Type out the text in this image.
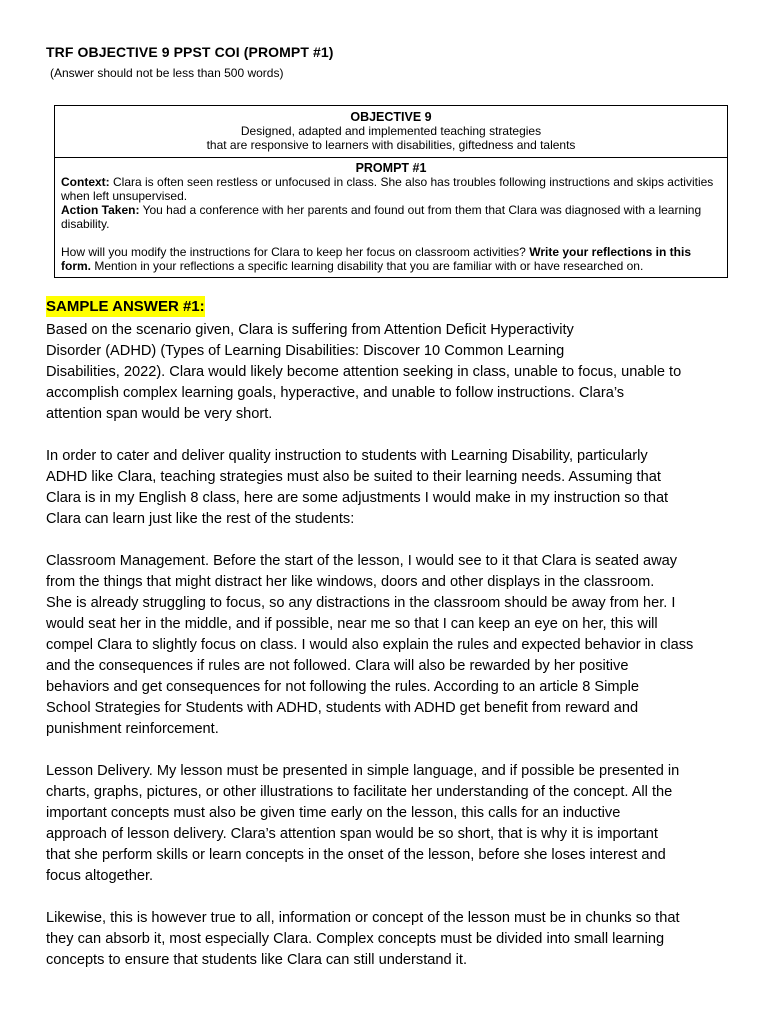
TRF OBJECTIVE 9 PPST COI (PROMPT #1)
(Answer should not be less than 500 words)
OBJECTIVE 9
Designed, adapted and implemented teaching strategies
that are responsive to learners with disabilities, giftedness and talents
PROMPT #1

Context: Clara is often seen restless or unfocused in class. She also has troubles following instructions and skips activities when left unsupervised.

Action Taken: You had a conference with her parents and found out from them that Clara was diagnosed with a learning disability.

How will you modify the instructions for Clara to keep her focus on classroom activities? Write your reflections in this form. Mention in your reflections a specific learning disability that you are familiar with or have researched on.

SAMPLE ANSWER #1:

Based on the scenario given, Clara is suffering from Attention Deficit Hyperactivity
Disorder (ADHD) (Types of Learning Disabilities: Discover 10 Common Learning
Disabilities, 2022). Clara would likely become attention seeking in class, unable to focus, unable to
accomplish complex learning goals, hyperactive, and unable to follow instructions. Clara’s
attention span would be very short.

In order to cater and deliver quality instruction to students with Learning Disability, particularly
ADHD like Clara, teaching strategies must also be suited to their learning needs. Assuming that
Clara is in my English 8 class, here are some adjustments I would make in my instruction so that
Clara can learn just like the rest of the students:

Classroom Management. Before the start of the lesson, I would see to it that Clara is seated away
from the things that might distract her like windows, doors and other displays in the classroom.
She is already struggling to focus, so any distractions in the classroom should be away from her. I
would seat her in the middle, and if possible, near me so that I can keep an eye on her, this will
compel Clara to slightly focus on class. I would also explain the rules and expected behavior in class
and the consequences if rules are not followed. Clara will also be rewarded by her positive
behaviors and get consequences for not following the rules. According to an article 8 Simple
School Strategies for Students with ADHD, students with ADHD get benefit from reward and
punishment reinforcement.

Lesson Delivery. My lesson must be presented in simple language, and if possible be presented in
charts, graphs, pictures, or other illustrations to facilitate her understanding of the concept. All the
important concepts must also be given time early on the lesson, this calls for an inductive
approach of lesson delivery. Clara’s attention span would be so short, that is why it is important
that she perform skills or learn concepts in the onset of the lesson, before she loses interest and
focus altogether.

Likewise, this is however true to all, information or concept of the lesson must be in chunks so that
they can absorb it, most especially Clara. Complex concepts must be divided into small learning
concepts to ensure that students like Clara can still understand it.
